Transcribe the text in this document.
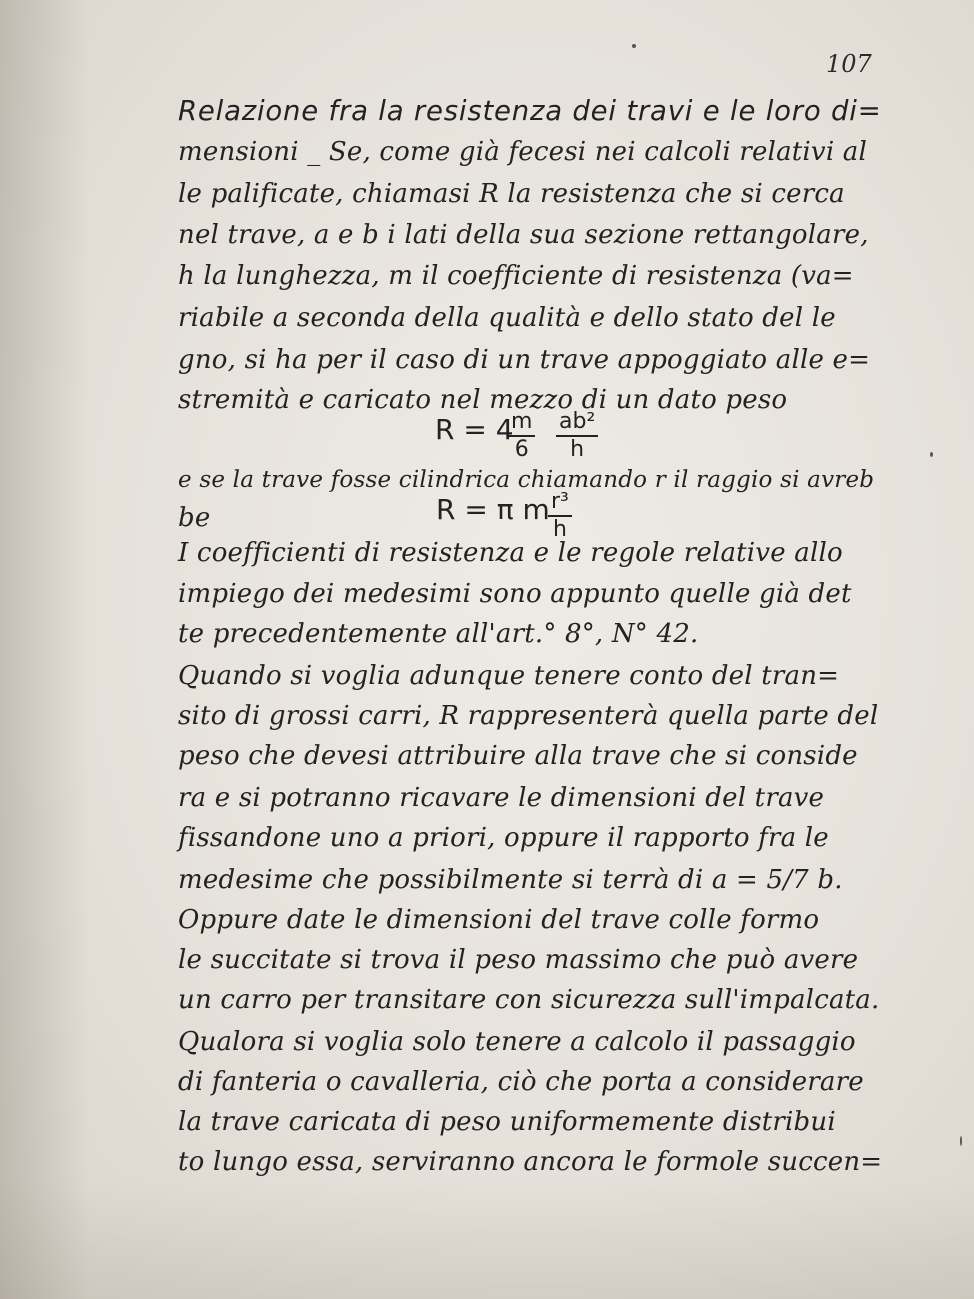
107
Relazione fra la resistenza dei travi e le loro di=
mensioni _ Se, come già fecesi nei calcoli relativi al
le palificate, chiamasi R la resistenza che si cerca
nel trave, a e b i lati della sua sezione rettangolare,
h la lunghezza, m il coefficiente di resistenza (va=
riabile a seconda della qualità e dello stato del le
gno, si ha per il caso di un trave appoggiato alle e=
stremità e caricato nel mezzo di un dato peso
R = 4
$\frac{m}{6} \frac{\text{ab²}}{h}$
e se la trave fosse cilindrica chiamando r il raggio si avreb
be	R = π m
$\frac{\text{r³}}{h}$
I coefficienti di resistenza e le regole relative allo
impiego dei medesimi sono appunto quelle già det
te precedentemente all'art.° 8°, N° 42.
Quando si voglia adunque tenere conto del tran=
sito di grossi carri, R rappresenterà quella parte del
peso che devesi attribuire alla trave che si conside
ra e si potranno ricavare le dimensioni del trave
fissandone uno a priori, oppure il rapporto fra le
medesime che possibilmente si terrà di a = 5/7 b.
Oppure date le dimensioni del trave colle formo
le succitate si trova il peso massimo che può avere
un carro per transitare con sicurezza sull'impalcata.
Qualora si voglia solo tenere a calcolo il passaggio
di fanteria o cavalleria, ciò che porta a considerare
la trave caricata di peso uniformemente distribui
to lungo essa, serviranno ancora le formole succen=
